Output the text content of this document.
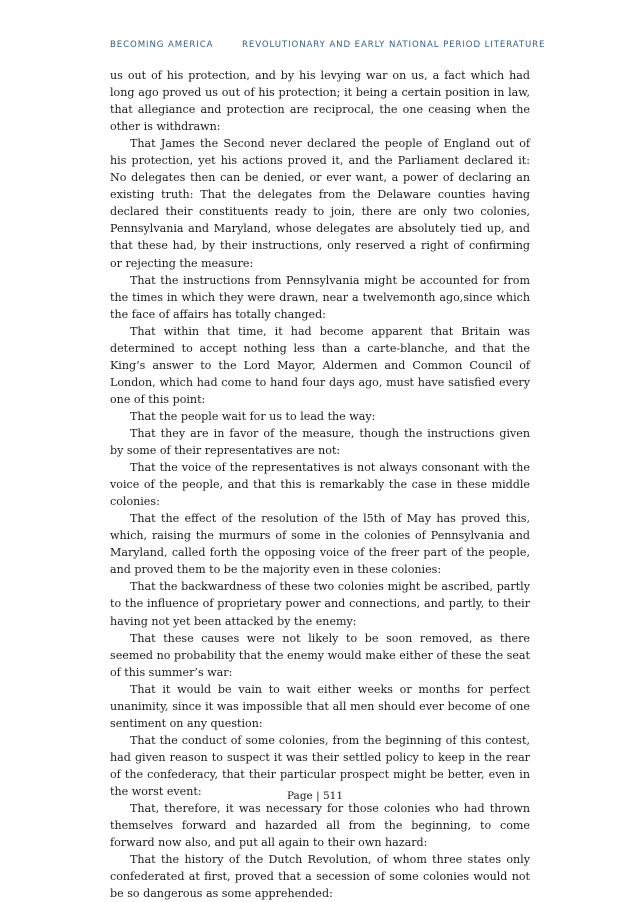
BECOMING AMERICA	REVOLUTIONARY AND EARLY NATIONAL PERIOD LITERATURE

us out of his protection, and by his levying war on us, a fact which had long ago proved us out of his protection; it being a certain position in law, that allegiance and protection are reciprocal, the one ceasing when the other is withdrawn:

That James the Second never declared the people of England out of his protection, yet his actions proved it, and the Parliament declared it: No delegates then can be denied, or ever want, a power of declaring an existing truth: That the delegates from the Delaware counties having declared their constituents ready to join, there are only two colonies, Pennsylvania and Maryland, whose delegates are absolutely tied up, and that these had, by their instructions, only reserved a right of confirming or rejecting the measure:

That the instructions from Pennsylvania might be accounted for from the times in which they were drawn, near a twelvemonth ago,since which the face of affairs has totally changed:

That within that time, it had become apparent that Britain was determined to accept nothing less than a carte-blanche, and that the King’s answer to the Lord Mayor, Aldermen and Common Council of London, which had come to hand four days ago, must have satisfied every one of this point:

That the people wait for us to lead the way:

That they are in favor of the measure, though the instructions given by some of their representatives are not:

That the voice of the representatives is not always consonant with the voice of the people, and that this is remarkably the case in these middle colonies:

That the effect of the resolution of the l5th of May has proved this, which, raising the murmurs of some in the colonies of Pennsylvania and Maryland, called forth the opposing voice of the freer part of the people, and proved them to be the majority even in these colonies:

That the backwardness of these two colonies might be ascribed, partly to the influence of proprietary power and connections, and partly, to their having not yet been attacked by the enemy:

That these causes were not likely to be soon removed, as there seemed no probability that the enemy would make either of these the seat of this summer’s war:

That it would be vain to wait either weeks or months for perfect unanimity, since it was impossible that all men should ever become of one sentiment on any question:

That the conduct of some colonies, from the beginning of this contest, had given reason to suspect it was their settled policy to keep in the rear of the confederacy, that their particular prospect might be better, even in the worst event:

That, therefore, it was necessary for those colonies who had thrown themselves forward and hazarded all from the beginning, to come forward now also, and put all again to their own hazard:

That the history of the Dutch Revolution, of whom three states only confederated at first, proved that a secession of some colonies would not be so dangerous as some apprehended:

Page | 511
